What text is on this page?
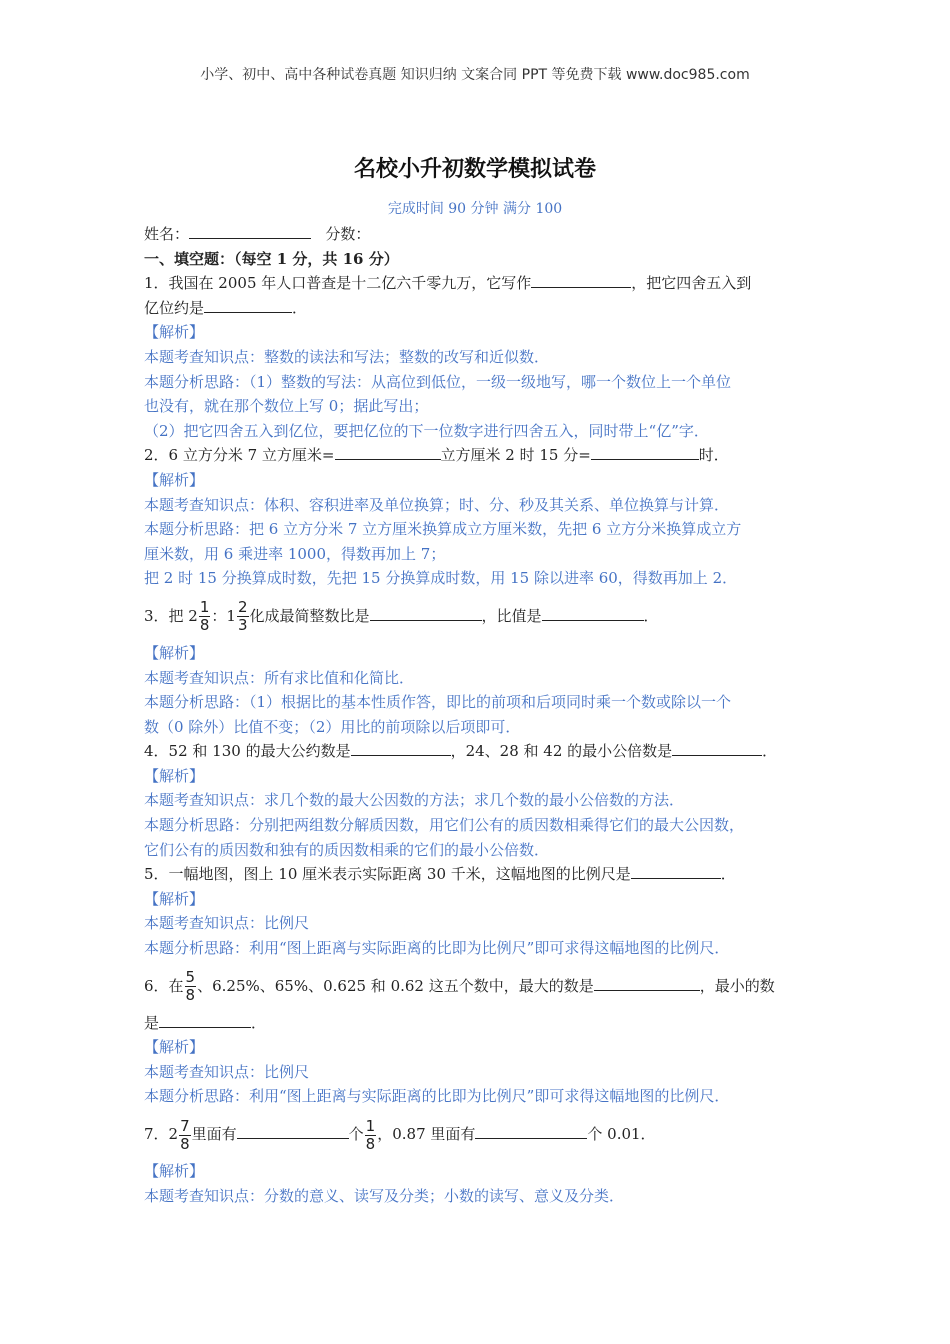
小学、初中、高中各种试卷真题 知识归纳 文案合同 PPT 等免费下载 www.doc985.com
名校小升初数学模拟试卷
完成时间 90 分钟 满分 100
姓名：	分数：
一、填空题：（每空 1 分，共 16 分）
1．我国在 2005 年人口普查是十二亿六千零九万，它写作	，把它四舍五入到
亿位约是	．
【解析】
本题考查知识点：整数的读法和写法；整数的改写和近似数．
本题分析思路：（1）整数的写法：从高位到低位，一级一级地写，哪一个数位上一个单位
也没有，就在那个数位上写 0；据此写出；
（2）把它四舍五入到亿位，要把亿位的下一位数字进行四舍五入，同时带上“亿”字．
2．6 立方分米 7 立方厘米=	立方厘米 2 时 15 分=	时．
【解析】
本题考查知识点：体积、容积进率及单位换算；时、分、秒及其关系、单位换算与计算．
本题分析思路：把 6 立方分米 7 立方厘米换算成立方厘米数，先把 6 立方分米换算成立方
厘米数，用 6 乘进率 1000，得数再加上 7；
把 2 时 15 分换算成时数，先把 15 分换算成时数，用 15 除以进率 60，得数再加上 2．
3．把 $2 \frac{1}{8}$ ：$1 \frac{2}{3}$ 化成最简整数比是	，比值是	．
【解析】
本题考查知识点：所有求比值和化简比．
本题分析思路：（1）根据比的基本性质作答，即比的前项和后项同时乘一个数或除以一个
数（0 除外）比值不变；（2）用比的前项除以后项即可．
4．52 和 130 的最大公约数是	，24、28 和 42 的最小公倍数是	．
【解析】
本题考查知识点：求几个数的最大公因数的方法；求几个数的最小公倍数的方法．
本题分析思路：分别把两组数分解质因数，用它们公有的质因数相乘得它们的最大公因数，
它们公有的质因数和独有的质因数相乘的它们的最小公倍数．
5．一幅地图，图上 10 厘米表示实际距离 30 千米，这幅地图的比例尺是	．
【解析】
本题考查知识点：比例尺
本题分析思路：利用“图上距离与实际距离的比即为比例尺”即可求得这幅地图的比例尺．
6．在 $\frac{5}{8}$ 、6.25%、65%、0.625 和 0.62 这五个数中，最大的数是	，最小的数
是	．
【解析】
本题考查知识点：比例尺
本题分析思路：利用“图上距离与实际距离的比即为比例尺”即可求得这幅地图的比例尺．
7．$2 \frac{7}{8}$ 里面有	个 $\frac{1}{8}$ ，0.87 里面有	个 0.01．
【解析】
本题考查知识点：分数的意义、读写及分类；小数的读写、意义及分类．
